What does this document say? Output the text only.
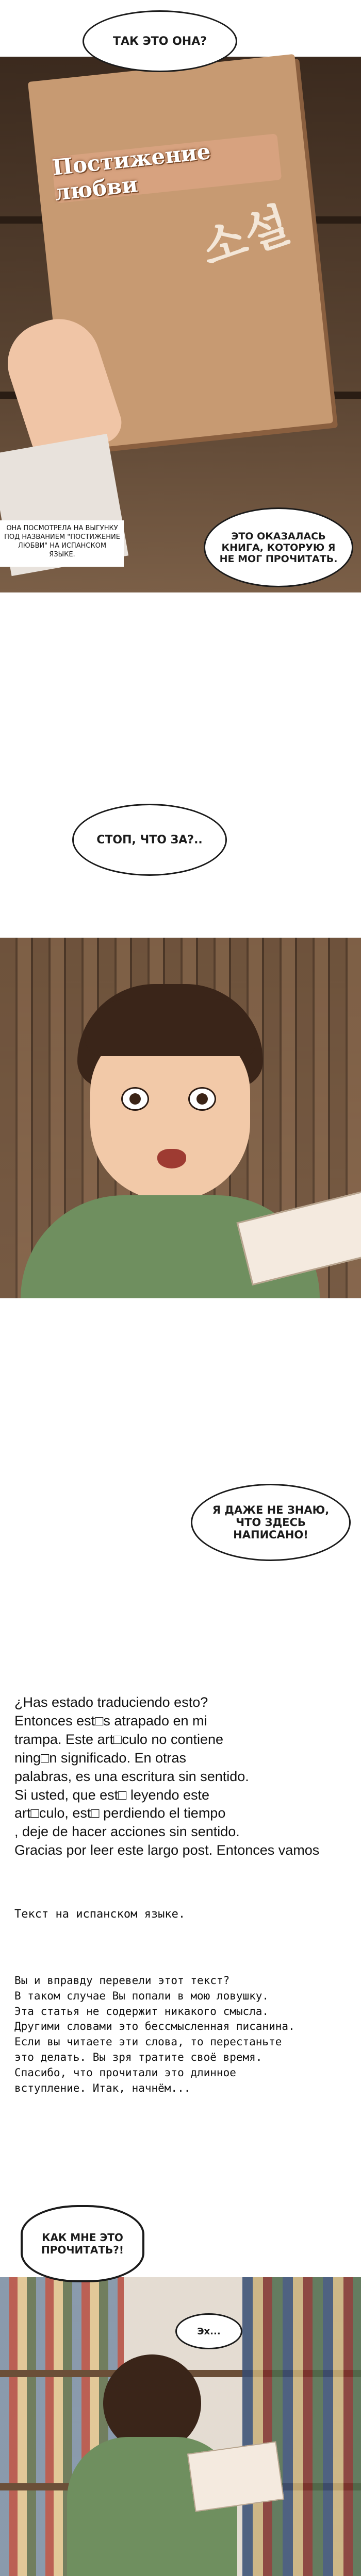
Постижение любви
소설
ТАК ЭТО ОНА?
ОНА ПОСМОТРЕЛА НА ВЫГУНКУ ПОД НАЗВАНИЕМ "ПОСТИЖЕНИЕ ЛЮБВИ" НА ИСПАНСКОМ ЯЗЫКЕ.
ЭТО ОКАЗАЛАСЬ КНИГА, КОТОРУЮ Я НЕ МОГ ПРОЧИТАТЬ.
СТОП, ЧТО ЗА?..
Я ДАЖЕ НЕ ЗНАЮ, ЧТО ЗДЕСЬ НАПИСАНО!
¿Has estado traduciendo esto?
Entonces est□s atrapado en mi
trampa. Este art□culo no contiene
ning□n significado. En otras
palabras, es una escritura sin sentido.
Si usted, que est□ leyendo este
art□culo, est□ perdiendo el tiempo
, deje de hacer acciones sin sentido.
Gracias por leer este largo post. Entonces vamos
Текст на испанском языке.
Вы и вправду перевели этот текст?
В таком случае Вы попали в мою ловушку.
Эта статья не содержит никакого смысла.
Другими словами это бессмысленная писанина.
Если вы читаете эти слова, то перестаньте
это делать. Вы зря тратите своё время.
Спасибо, что прочитали это длинное
вступление. Итак, начнём...
КАК МНЕ ЭТО ПРОЧИТАТЬ?!
Эх...
